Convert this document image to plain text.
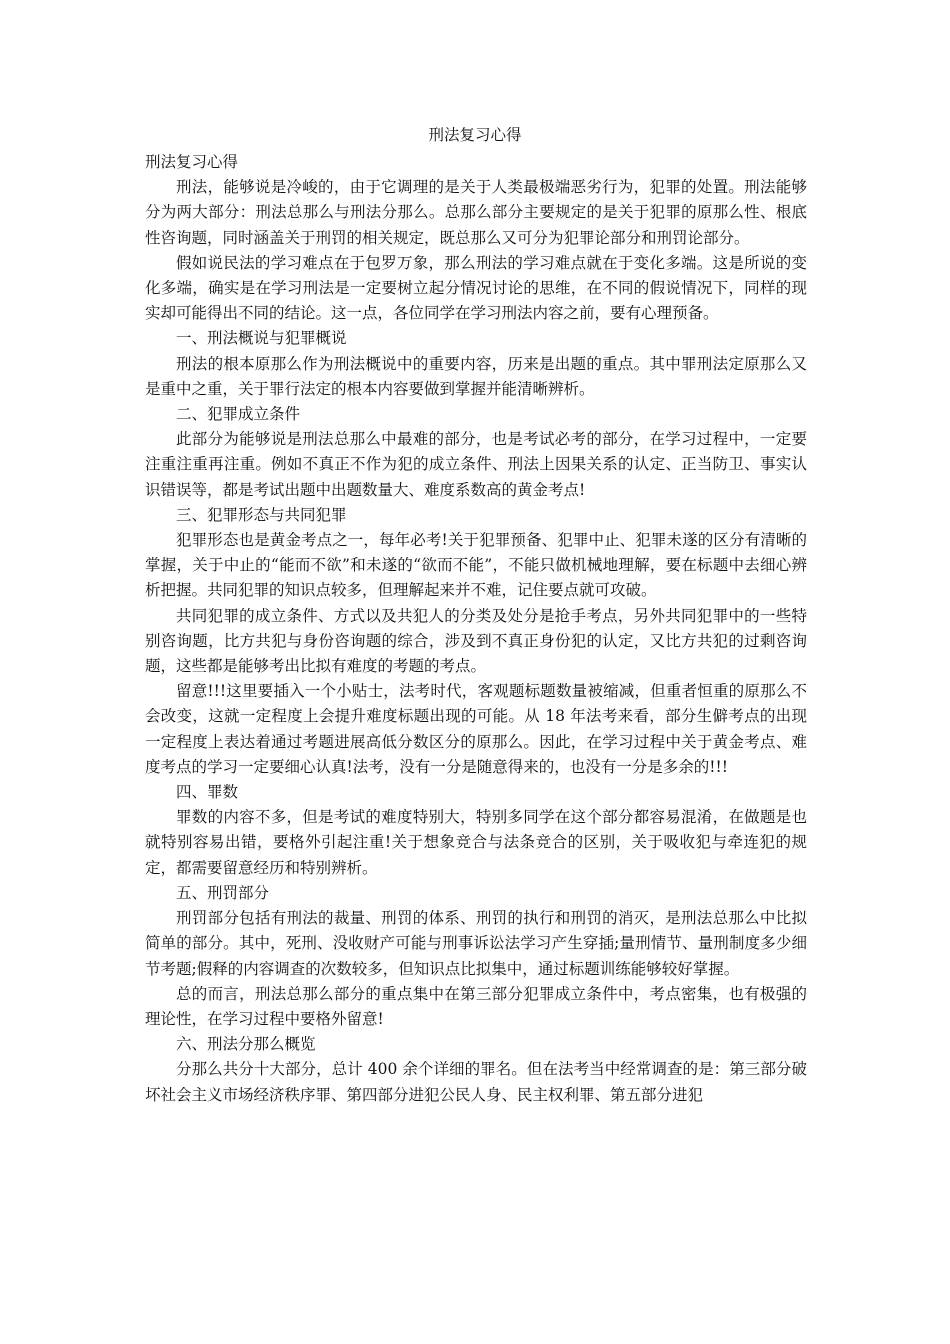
刑法复习心得

刑法复习心得

刑法，能够说是冷峻的，由于它调理的是关于人类最极端恶劣行为，犯罪的处置。刑法能够分为两大部分：刑法总那么与刑法分那么。总那么部分主要规定的是关于犯罪的原那么性、根底性咨询题，同时涵盖关于刑罚的相关规定，既总那么又可分为犯罪论部分和刑罚论部分。

假如说民法的学习难点在于包罗万象，那么刑法的学习难点就在于变化多端。这是所说的变化多端，确实是在学习刑法是一定要树立起分情况讨论的思维，在不同的假说情况下，同样的现实却可能得出不同的结论。这一点，各位同学在学习刑法内容之前，要有心理预备。

一、刑法概说与犯罪概说

刑法的根本原那么作为刑法概说中的重要内容，历来是出题的重点。其中罪刑法定原那么又是重中之重，关于罪行法定的根本内容要做到掌握并能清晰辨析。

二、犯罪成立条件

此部分为能够说是刑法总那么中最难的部分，也是考试必考的部分，在学习过程中，一定要注重注重再注重。例如不真正不作为犯的成立条件、刑法上因果关系的认定、正当防卫、事实认识错误等，都是考试出题中出题数量大、难度系数高的黄金考点!

三、犯罪形态与共同犯罪

犯罪形态也是黄金考点之一，每年必考!关于犯罪预备、犯罪中止、犯罪未遂的区分有清晰的掌握，关于中止的“能而不欲”和未遂的“欲而不能”，不能只做机械地理解，要在标题中去细心辨析把握。共同犯罪的知识点较多，但理解起来并不难，记住要点就可攻破。

共同犯罪的成立条件、方式以及共犯人的分类及处分是抢手考点，另外共同犯罪中的一些特别咨询题，比方共犯与身份咨询题的综合，涉及到不真正身份犯的认定，又比方共犯的过剩咨询题，这些都是能够考出比拟有难度的考题的考点。

留意!!!这里要插入一个小贴士，法考时代，客观题标题数量被缩减，但重者恒重的原那么不会改变，这就一定程度上会提升难度标题出现的可能。从 18 年法考来看，部分生僻考点的出现一定程度上表达着通过考题进展高低分数区分的原那么。因此，在学习过程中关于黄金考点、难度考点的学习一定要细心认真!法考，没有一分是随意得来的，也没有一分是多余的!!!

四、罪数

罪数的内容不多，但是考试的难度特别大，特别多同学在这个部分都容易混淆，在做题是也就特别容易出错，要格外引起注重!关于想象竞合与法条竞合的区别，关于吸收犯与牵连犯的规定，都需要留意经历和特别辨析。

五、刑罚部分

刑罚部分包括有刑法的裁量、刑罚的体系、刑罚的执行和刑罚的消灭，是刑法总那么中比拟简单的部分。其中，死刑、没收财产可能与刑事诉讼法学习产生穿插;量刑情节、量刑制度多少细节考题;假释的内容调查的次数较多，但知识点比拟集中，通过标题训练能够较好掌握。

总的而言，刑法总那么部分的重点集中在第三部分犯罪成立条件中，考点密集，也有极强的理论性，在学习过程中要格外留意!

六、刑法分那么概览

分那么共分十大部分，总计 400 余个详细的罪名。但在法考当中经常调查的是：第三部分破坏社会主义市场经济秩序罪、第四部分进犯公民人身、民主权利罪、第五部分进犯
